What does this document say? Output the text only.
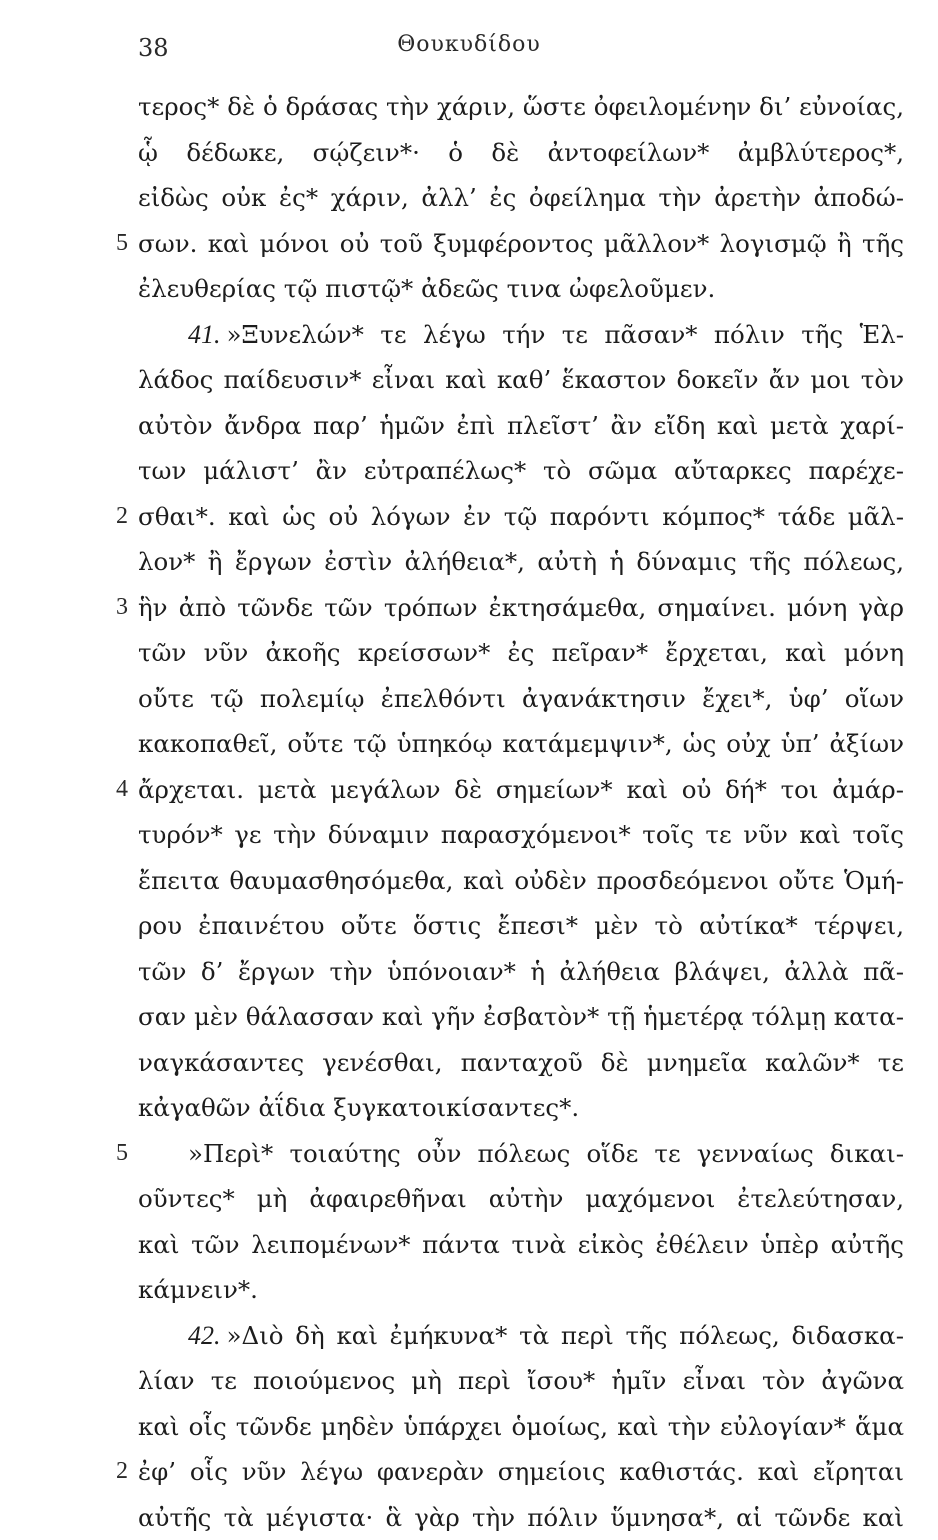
38	Θουκυδίδου
τερος* δὲ ὁ δράσας τὴν χάριν, ὥστε ὀφειλομένην δι’ εὐνοίας,
ᾧ δέδωκε, σῴζειν*· ὁ δὲ ἀντοφείλων* ἀμβλύτερος*,
εἰδὼς οὐκ ἐς* χάριν, ἀλλ’ ἐς ὀφείλημα τὴν ἀρετὴν ἀποδώ-
5 σων. καὶ μόνοι οὐ τοῦ ξυμφέροντος μᾶλλον* λογισμῷ ἢ τῆς
ἐλευθερίας τῷ πιστῷ* ἀδεῶς τινα ὠφελοῦμεν.
41. »Ξυνελών* τε λέγω τήν τε πᾶσαν* πόλιν τῆς Ἑλ-
λάδος παίδευσιν* εἶναι καὶ καθ’ ἕκαστον δοκεῖν ἄν μοι τὸν
αὐτὸν ἄνδρα παρ’ ἡμῶν ἐπὶ πλεῖστ’ ἂν εἴδη καὶ μετὰ χαρί-
των μάλιστ’ ἂν εὐτραπέλως* τὸ σῶμα αὔταρκες παρέχε-
2 σθαι*. καὶ ὡς οὐ λόγων ἐν τῷ παρόντι κόμπος* τάδε μᾶλ-
λον* ἢ ἔργων ἐστὶν ἀλήθεια*, αὐτὴ ἡ δύναμις τῆς πόλεως,
3 ἣν ἀπὸ τῶνδε τῶν τρόπων ἐκτησάμεθα, σημαίνει. μόνη γὰρ
τῶν νῦν ἀκοῆς κρείσσων* ἐς πεῖραν* ἔρχεται, καὶ μόνη
οὔτε τῷ πολεμίῳ ἐπελθόντι ἀγανάκτησιν ἔχει*, ὑφ’ οἵων
κακοπαθεῖ, οὔτε τῷ ὑπηκόῳ κατάμεμψιν*, ὡς οὐχ ὑπ’ ἀξίων
4 ἄρχεται. μετὰ μεγάλων δὲ σημείων* καὶ οὐ δή* τοι ἀμάρ-
τυρόν* γε τὴν δύναμιν παρασχόμενοι* τοῖς τε νῦν καὶ τοῖς
ἔπειτα θαυμασθησόμεθα, καὶ οὐδὲν προσδεόμενοι οὔτε Ὁμή-
ρου ἐπαινέτου οὔτε ὅστις ἔπεσι* μὲν τὸ αὐτίκα* τέρψει,
τῶν δ’ ἔργων τὴν ὑπόνοιαν* ἡ ἀλήθεια βλάψει, ἀλλὰ πᾶ-
σαν μὲν θάλασσαν καὶ γῆν ἐσβατὸν* τῇ ἡμετέρᾳ τόλμῃ κατα-
ναγκάσαντες γενέσθαι, πανταχοῦ δὲ μνημεῖα καλῶν* τε
κἀγαθῶν ἀΐδια ξυγκατοικίσαντες*.
5	»Περὶ* τοιαύτης οὖν πόλεως οἵδε τε γενναίως δικαι-
οῦντες* μὴ ἀφαιρεθῆναι αὐτὴν μαχόμενοι ἐτελεύτησαν,
καὶ τῶν λειπομένων* πάντα τινὰ εἰκὸς ἐθέλειν ὑπὲρ αὐτῆς
κάμνειν*.
42. »Διὸ δὴ καὶ ἐμήκυνα* τὰ περὶ τῆς πόλεως, διδασκα-
λίαν τε ποιούμενος μὴ περὶ ἴσου* ἡμῖν εἶναι τὸν ἀγῶνα
καὶ οἷς τῶνδε μηδὲν ὑπάρχει ὁμοίως, καὶ τὴν εὐλογίαν* ἅμα
2 ἐφ’ οἷς νῦν λέγω φανερὰν σημείοις καθιστάς. καὶ εἴρηται
αὐτῆς τὰ μέγιστα· ἃ γὰρ τὴν πόλιν ὕμνησα*, αἱ τῶνδε καὶ
